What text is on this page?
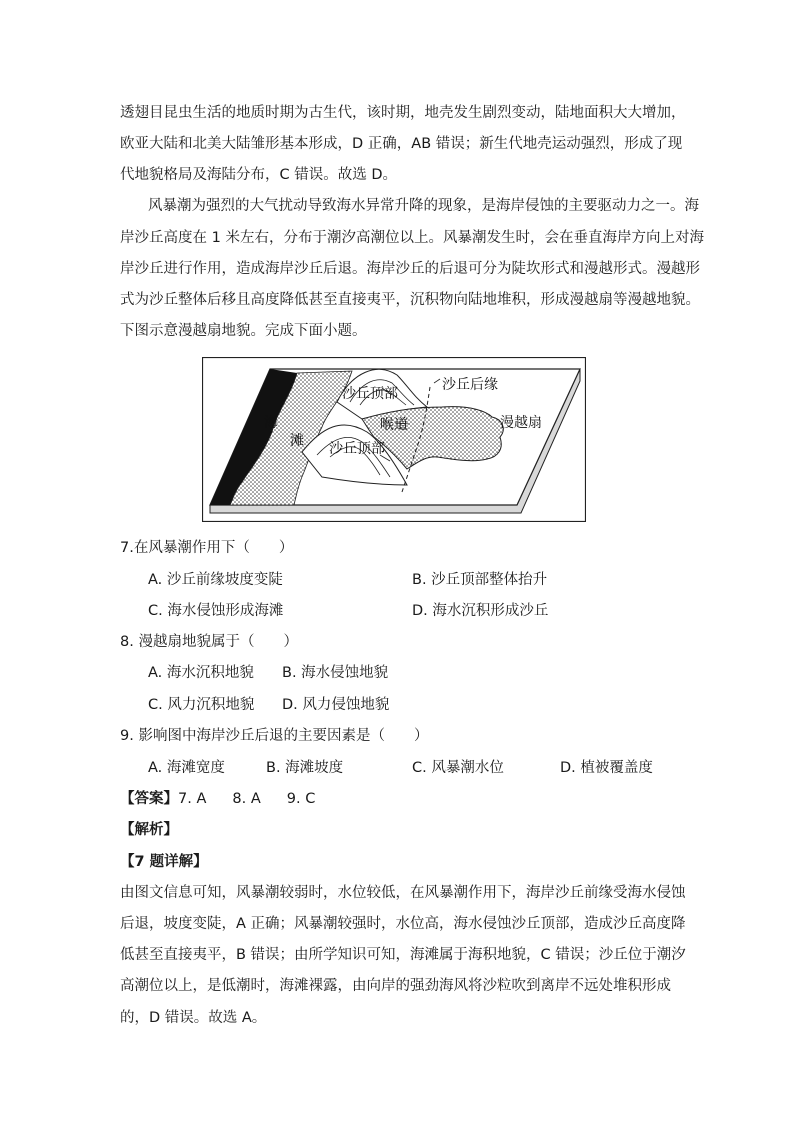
透翅目昆虫生活的地质时期为古生代，该时期，地壳发生剧烈变动，陆地面积大大增加，
欧亚大陆和北美大陆雏形基本形成，D 正确，AB 错误；新生代地壳运动强烈，形成了现
代地貌格局及海陆分布，C 错误。故选 D。
风暴潮为强烈的大气扰动导致海水异常升降的现象，是海岸侵蚀的主要驱动力之一。海
岸沙丘高度在 1 米左右，分布于潮汐高潮位以上。风暴潮发生时，会在垂直海岸方向上对海
岸沙丘进行作用，造成海岸沙丘后退。海岸沙丘的后退可分为陡坎形式和漫越形式。漫越形
式为沙丘整体后移且高度降低甚至直接夷平，沉积物向陆地堆积，形成漫越扇等漫越地貌。
下图示意漫越扇地貌。完成下面小题。
海 海
滩
沙丘顶部
沙丘后缘
喉道	漫越扇
沙丘顶部
7.在风暴潮作用下（　　）
A. 沙丘前缘坡度变陡	B. 沙丘顶部整体抬升
C. 海水侵蚀形成海滩	D. 海水沉积形成沙丘
8. 漫越扇地貌属于（　　）
A. 海水沉积地貌 B. 海水侵蚀地貌
C. 风力沉积地貌 D. 风力侵蚀地貌
9. 影响图中海岸沙丘后退的主要因素是（　　）
A. 海滩宽度	B. 海滩坡度	C. 风暴潮水位	D. 植被覆盖度
【答案】7. A 8. A 9. C
【解析】
【7 题详解】
由图文信息可知，风暴潮较弱时，水位较低，在风暴潮作用下，海岸沙丘前缘受海水侵蚀
后退，坡度变陡，A 正确；风暴潮较强时，水位高，海水侵蚀沙丘顶部，造成沙丘高度降
低甚至直接夷平，B 错误；由所学知识可知，海滩属于海积地貌，C 错误；沙丘位于潮汐
高潮位以上，是低潮时，海滩裸露，由向岸的强劲海风将沙粒吹到离岸不远处堆积形成
的，D 错误。故选 A。
